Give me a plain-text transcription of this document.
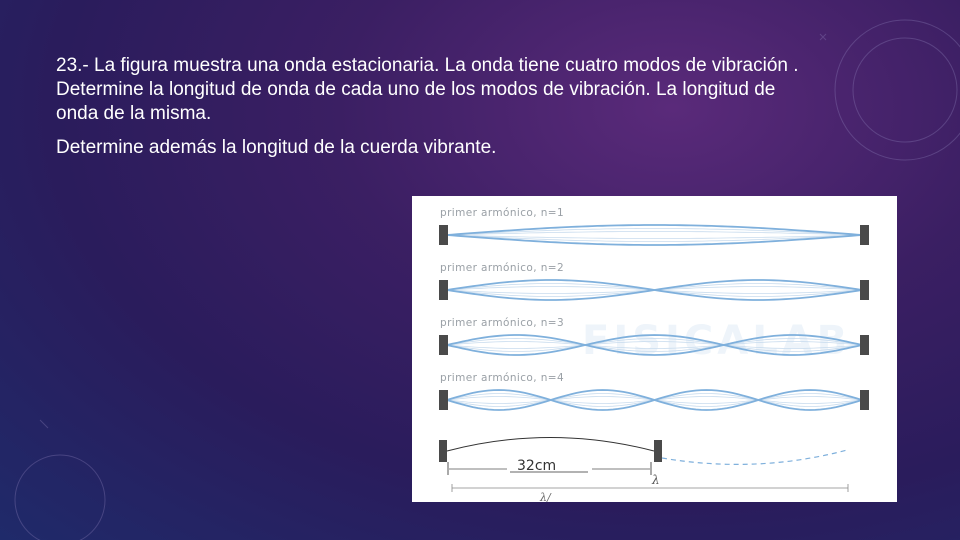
23.- La figura muestra una onda estacionaria. La onda tiene cuatro modos de vibración . Determine la longitud de onda de cada uno de los modos de vibración. La longitud de onda de la misma.

Determine además la longitud de la cuerda vibrante.

FISICALAB
primer armónico, n=1
primer armónico, n=2
primer armónico, n=3
primer armónico, n=4
32cm
λ
λ/
